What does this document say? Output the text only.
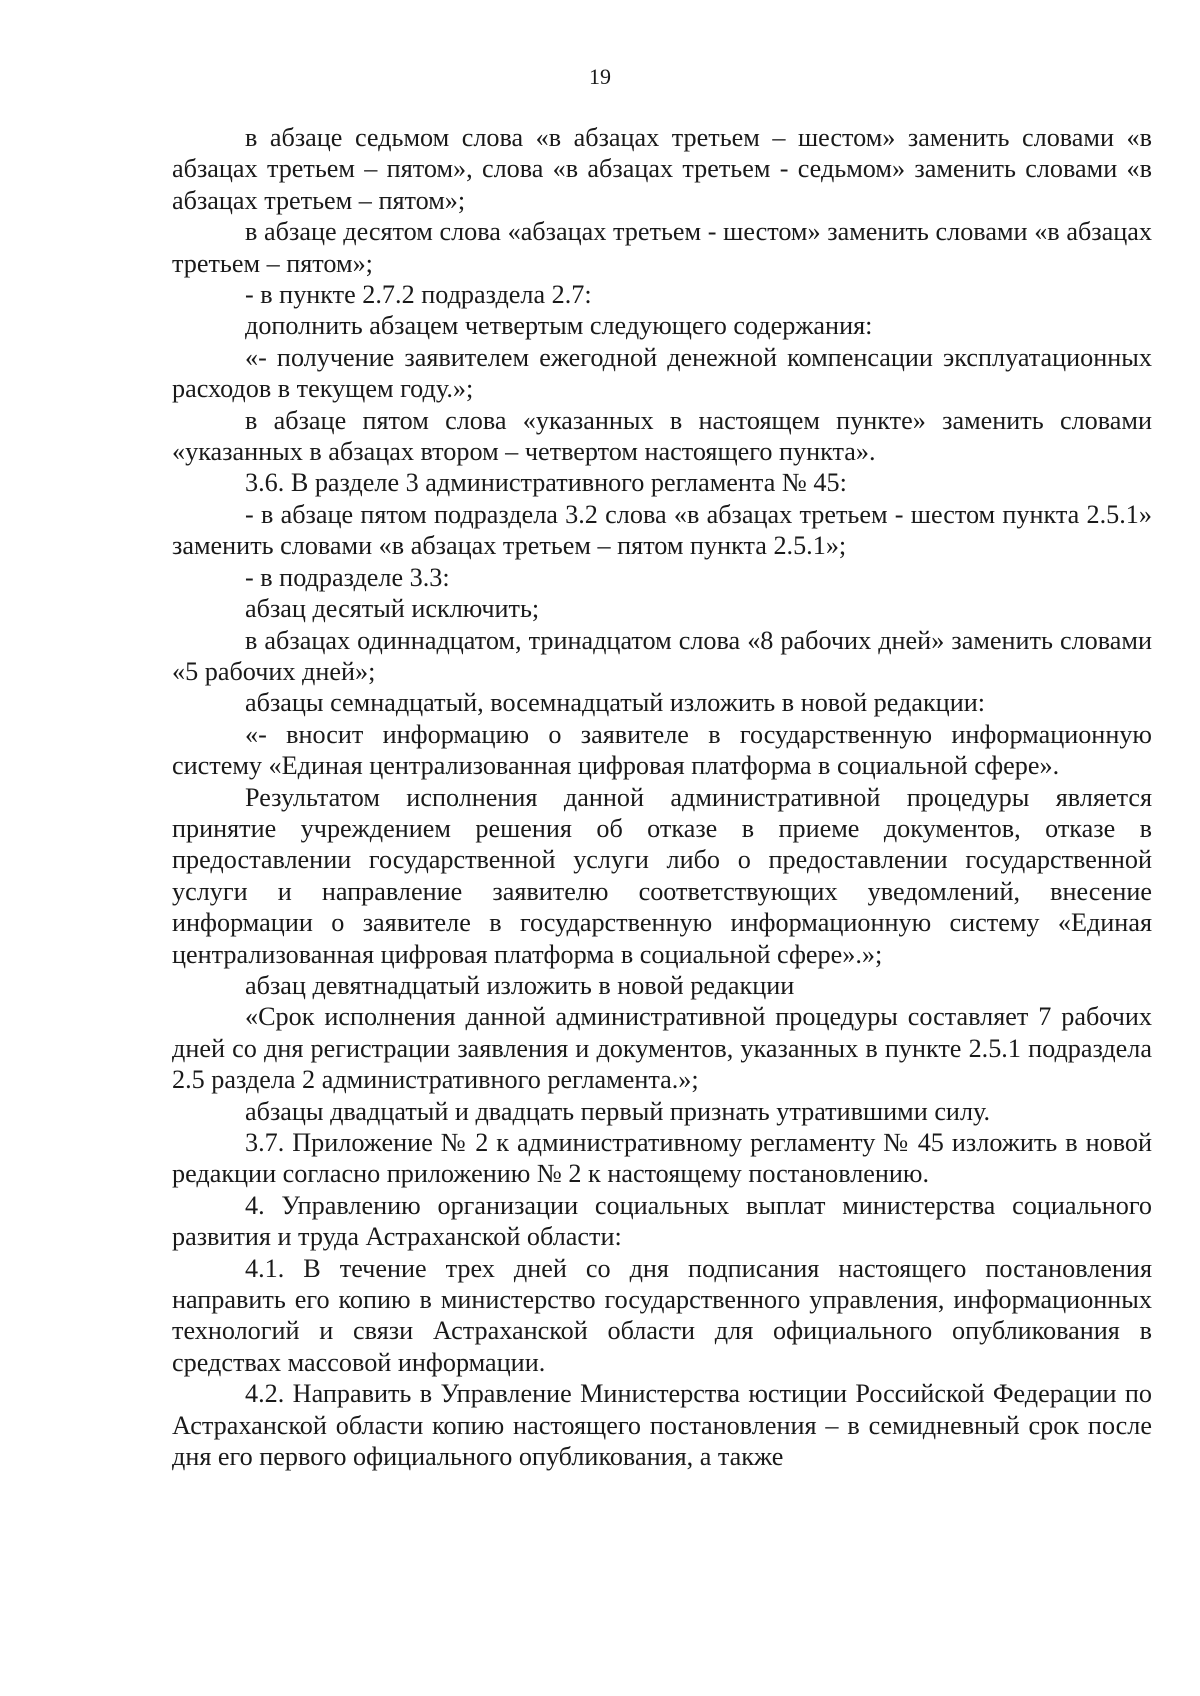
19

в абзаце седьмом слова «в абзацах третьем – шестом» заменить словами «в абзацах третьем – пятом», слова «в абзацах третьем - седьмом» заменить словами «в абзацах третьем – пятом»;

в абзаце десятом слова «абзацах третьем - шестом» заменить словами «в абзацах третьем – пятом»;

- в пункте 2.7.2 подраздела 2.7:

дополнить абзацем четвертым следующего содержания:

«- получение заявителем ежегодной денежной компенсации эксплуатационных расходов в текущем году.»;

в абзаце пятом слова «указанных в настоящем пункте» заменить словами «указанных в абзацах втором – четвертом настоящего пункта».

3.6. В разделе 3 административного регламента № 45:

- в абзаце пятом подраздела 3.2 слова «в абзацах третьем - шестом пункта 2.5.1» заменить словами «в абзацах третьем – пятом пункта 2.5.1»;

- в подразделе 3.3:

абзац десятый исключить;

в абзацах одиннадцатом, тринадцатом слова «8 рабочих дней» заменить словами «5 рабочих дней»;

абзацы семнадцатый, восемнадцатый изложить в новой редакции:

«- вносит информацию о заявителе в государственную информационную систему «Единая централизованная цифровая платформа в социальной сфере».

Результатом исполнения данной административной процедуры является принятие учреждением решения об отказе в приеме документов, отказе в предоставлении государственной услуги либо о предоставлении государственной услуги и направление заявителю соответствующих уведомлений, внесение информации о заявителе в государственную информационную систему «Единая централизованная цифровая платформа в социальной сфере».»;

абзац девятнадцатый изложить в новой редакции

«Срок исполнения данной административной процедуры составляет 7 рабочих дней со дня регистрации заявления и документов, указанных в пункте 2.5.1 подраздела 2.5 раздела 2 административного регламента.»;

абзацы двадцатый и двадцать первый признать утратившими силу.

3.7. Приложение № 2 к административному регламенту № 45 изложить в новой редакции согласно приложению № 2 к настоящему постановлению.

4. Управлению организации социальных выплат министерства социального развития и труда Астраханской области:

4.1. В течение трех дней со дня подписания настоящего постановления направить его копию в министерство государственного управления, информационных технологий и связи Астраханской области для официального опубликования в средствах массовой информации.

4.2. Направить в Управление Министерства юстиции Российской Федерации по Астраханской области копию настоящего постановления – в семидневный срок после дня его первого официального опубликования, а также
